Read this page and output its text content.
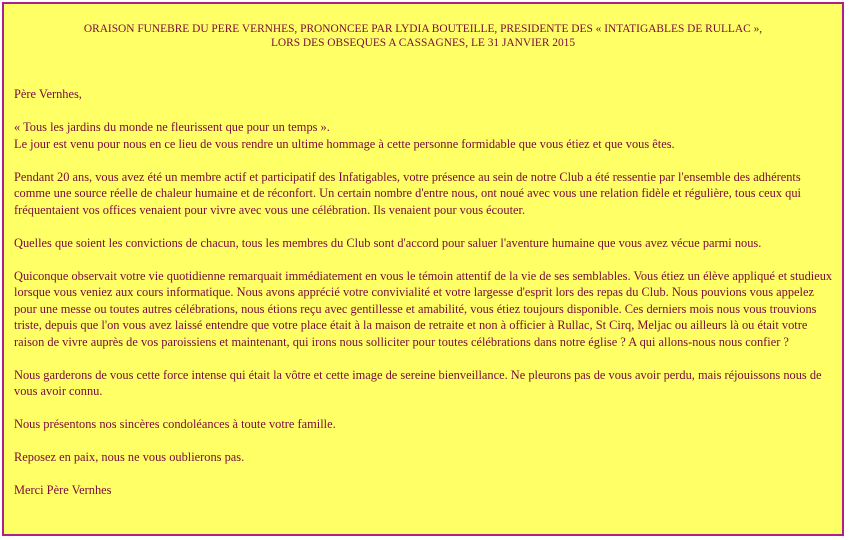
ORAISON FUNEBRE DU PERE VERNHES, PRONONCEE PAR LYDIA BOUTEILLE, PRESIDENTE DES « INTATIGABLES DE RULLAC »,
LORS DES OBSEQUES A CASSAGNES, LE 31 JANVIER 2015

Père Vernhes,

« Tous les jardins du monde ne fleurissent que pour un temps ».

Le jour est venu pour nous en ce lieu de vous rendre un ultime hommage à cette personne formidable que vous étiez et que vous êtes.

Pendant 20 ans, vous avez été un membre actif et participatif des Infatigables, votre présence au sein de notre Club a été ressentie par l'ensemble des adhérents comme une source réelle de chaleur humaine et de réconfort. Un certain nombre d'entre nous, ont noué avec vous une relation fidèle et régulière, tous ceux qui fréquentaient vos offices venaient pour vivre avec vous une célébration. Ils venaient pour vous écouter.

Quelles que soient les convictions de chacun, tous les membres du Club sont d'accord pour saluer l'aventure humaine que vous avez vécue parmi nous.

Quiconque observait votre vie quotidienne remarquait immédiatement en vous le témoin attentif de la vie de ses semblables. Vous étiez un élève appliqué et studieux lorsque vous veniez aux cours informatique. Nous avons apprécié votre convivialité et votre largesse d'esprit lors des repas du Club. Nous pouvions vous appelez pour une messe ou toutes autres célébrations, nous étions reçu avec gentillesse et amabilité, vous étiez toujours disponible. Ces derniers mois nous vous trouvions triste, depuis que l'on vous avez laissé entendre que votre place était à la maison de retraite et non à officier à Rullac, St Cirq, Meljac ou ailleurs là ou était votre raison de vivre auprès de vos paroissiens et maintenant, qui irons nous solliciter pour toutes célébrations dans notre église ? A qui allons-nous nous confier ?

Nous garderons de vous cette force intense qui était la vôtre et cette image de sereine bienveillance. Ne pleurons pas de vous avoir perdu, mais réjouissons nous de vous avoir connu.

Nous présentons nos sincères condoléances à toute votre famille.

Reposez en paix, nous ne vous oublierons pas.

Merci Père Vernhes
